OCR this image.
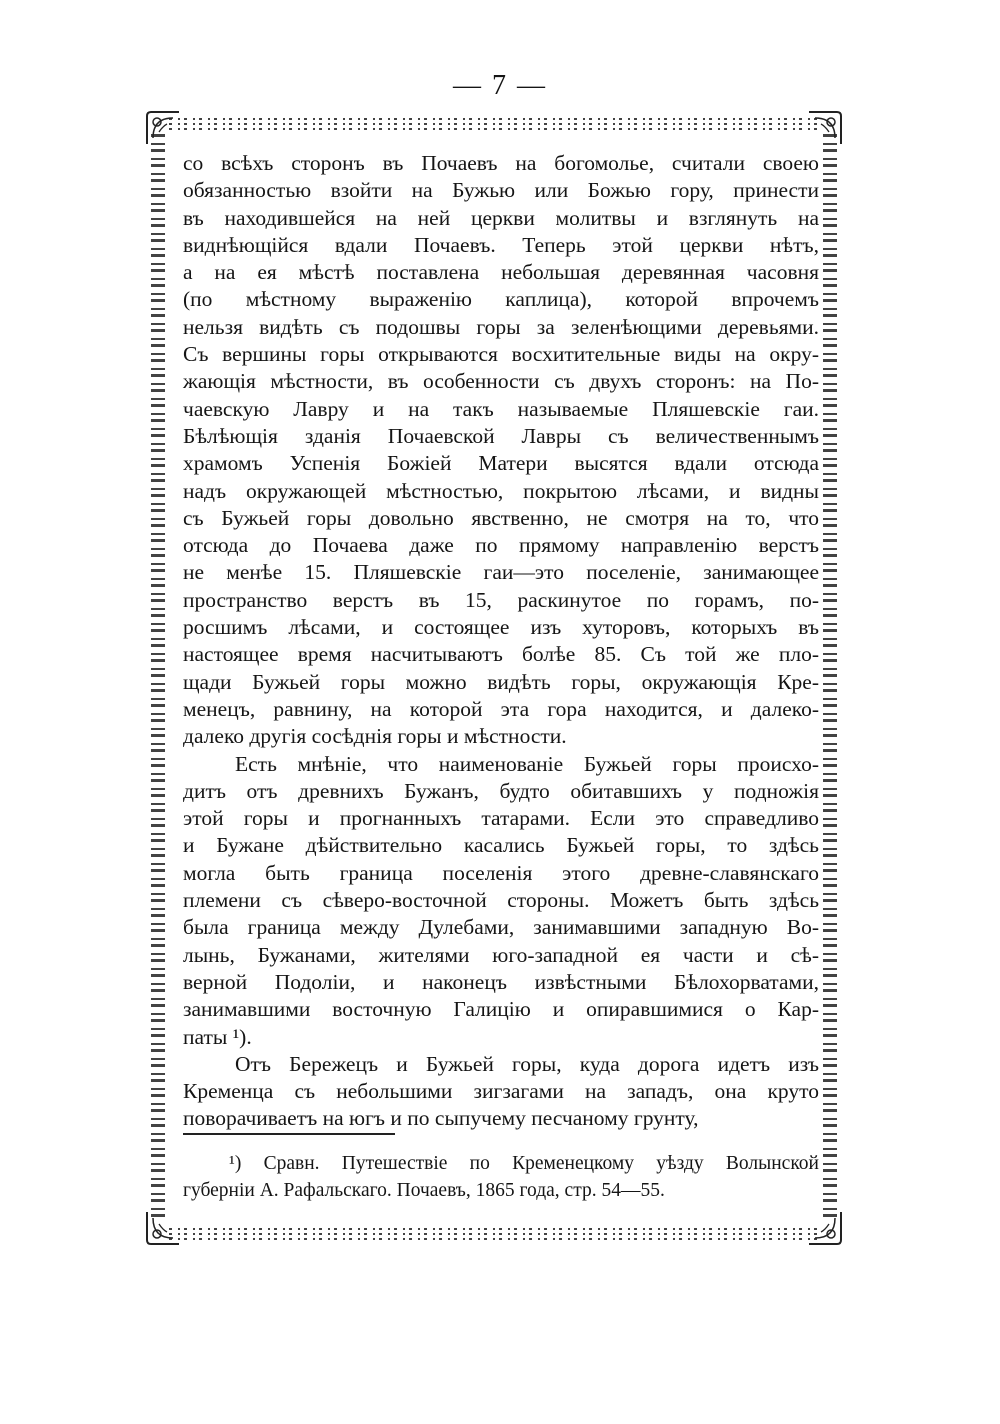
— 7 —
со всѣхъ сторонъ въ Почаевъ на богомолье, считали своею
обязанностью взойти на Бужью или Божью гору, принести
въ находившейся на ней церкви молитвы и взглянуть на
виднѣющійся вдали Почаевъ. Теперь этой церкви нѣтъ,
а на ея мѣстѣ поставлена небольшая деревянная часовня
(по мѣстному выраженію каплица), которой впрочемъ
нельзя видѣть съ подошвы горы за зеленѣющими деревьями.
Съ вершины горы открываются восхитительные виды на окру-
жающія мѣстности, въ особенности съ двухъ сторонъ: на По-
чаевскую Лавру и на такъ называемые Пляшевскіе гаи.
Бѣлѣющія зданія Почаевской Лавры съ величественнымъ
храмомъ Успенія Божіей Матери высятся вдали отсюда
надъ окружающей мѣстностью, покрытою лѣсами, и видны
съ Бужьей горы довольно явственно, не смотря на то, что
отсюда до Почаева даже по прямому направленію верстъ
не менѣе 15. Пляшевскіе гаи—это поселеніе, занимающее
пространство верстъ въ 15, раскинутое по горамъ, по-
росшимъ лѣсами, и состоящее изъ хуторовъ, которыхъ въ
настоящее время насчитываютъ болѣе 85. Съ той же пло-
щади Бужьей горы можно видѣть горы, окружающія Кре-
менецъ, равнину, на которой эта гора находится, и далеко-
далеко другія сосѣднія горы и мѣстности.
Есть мнѣніе, что наименованіе Бужьей горы происхо-
дитъ отъ древнихъ Бужанъ, будто обитавшихъ у подножія
этой горы и прогнанныхъ татарами. Если это справедливо
и Бужане дѣйствительно касались Бужьей горы, то здѣсь
могла быть граница поселенія этого древне-славянскаго
племени съ сѣверо-восточной стороны. Можетъ быть здѣсь
была граница между Дулебами, занимавшими западную Во-
лынь, Бужанами, жителями юго-западной ея части и сѣ-
верной Подоліи, и наконецъ извѣстными Бѣлохорватами,
занимавшими восточную Галицію и опиравшимися о Кар-
паты ¹).
Отъ Бережецъ и Бужьей горы, куда дорога идетъ изъ
Кременца съ небольшими зигзагами на западъ, она круто
поворачиваетъ на югъ и по сыпучему песчаному грунту,
¹) Сравн. Путешествіе по Кременецкому уѣзду Волынской
губерніи А. Рафальскаго. Почаевъ, 1865 года, стр. 54—55.
